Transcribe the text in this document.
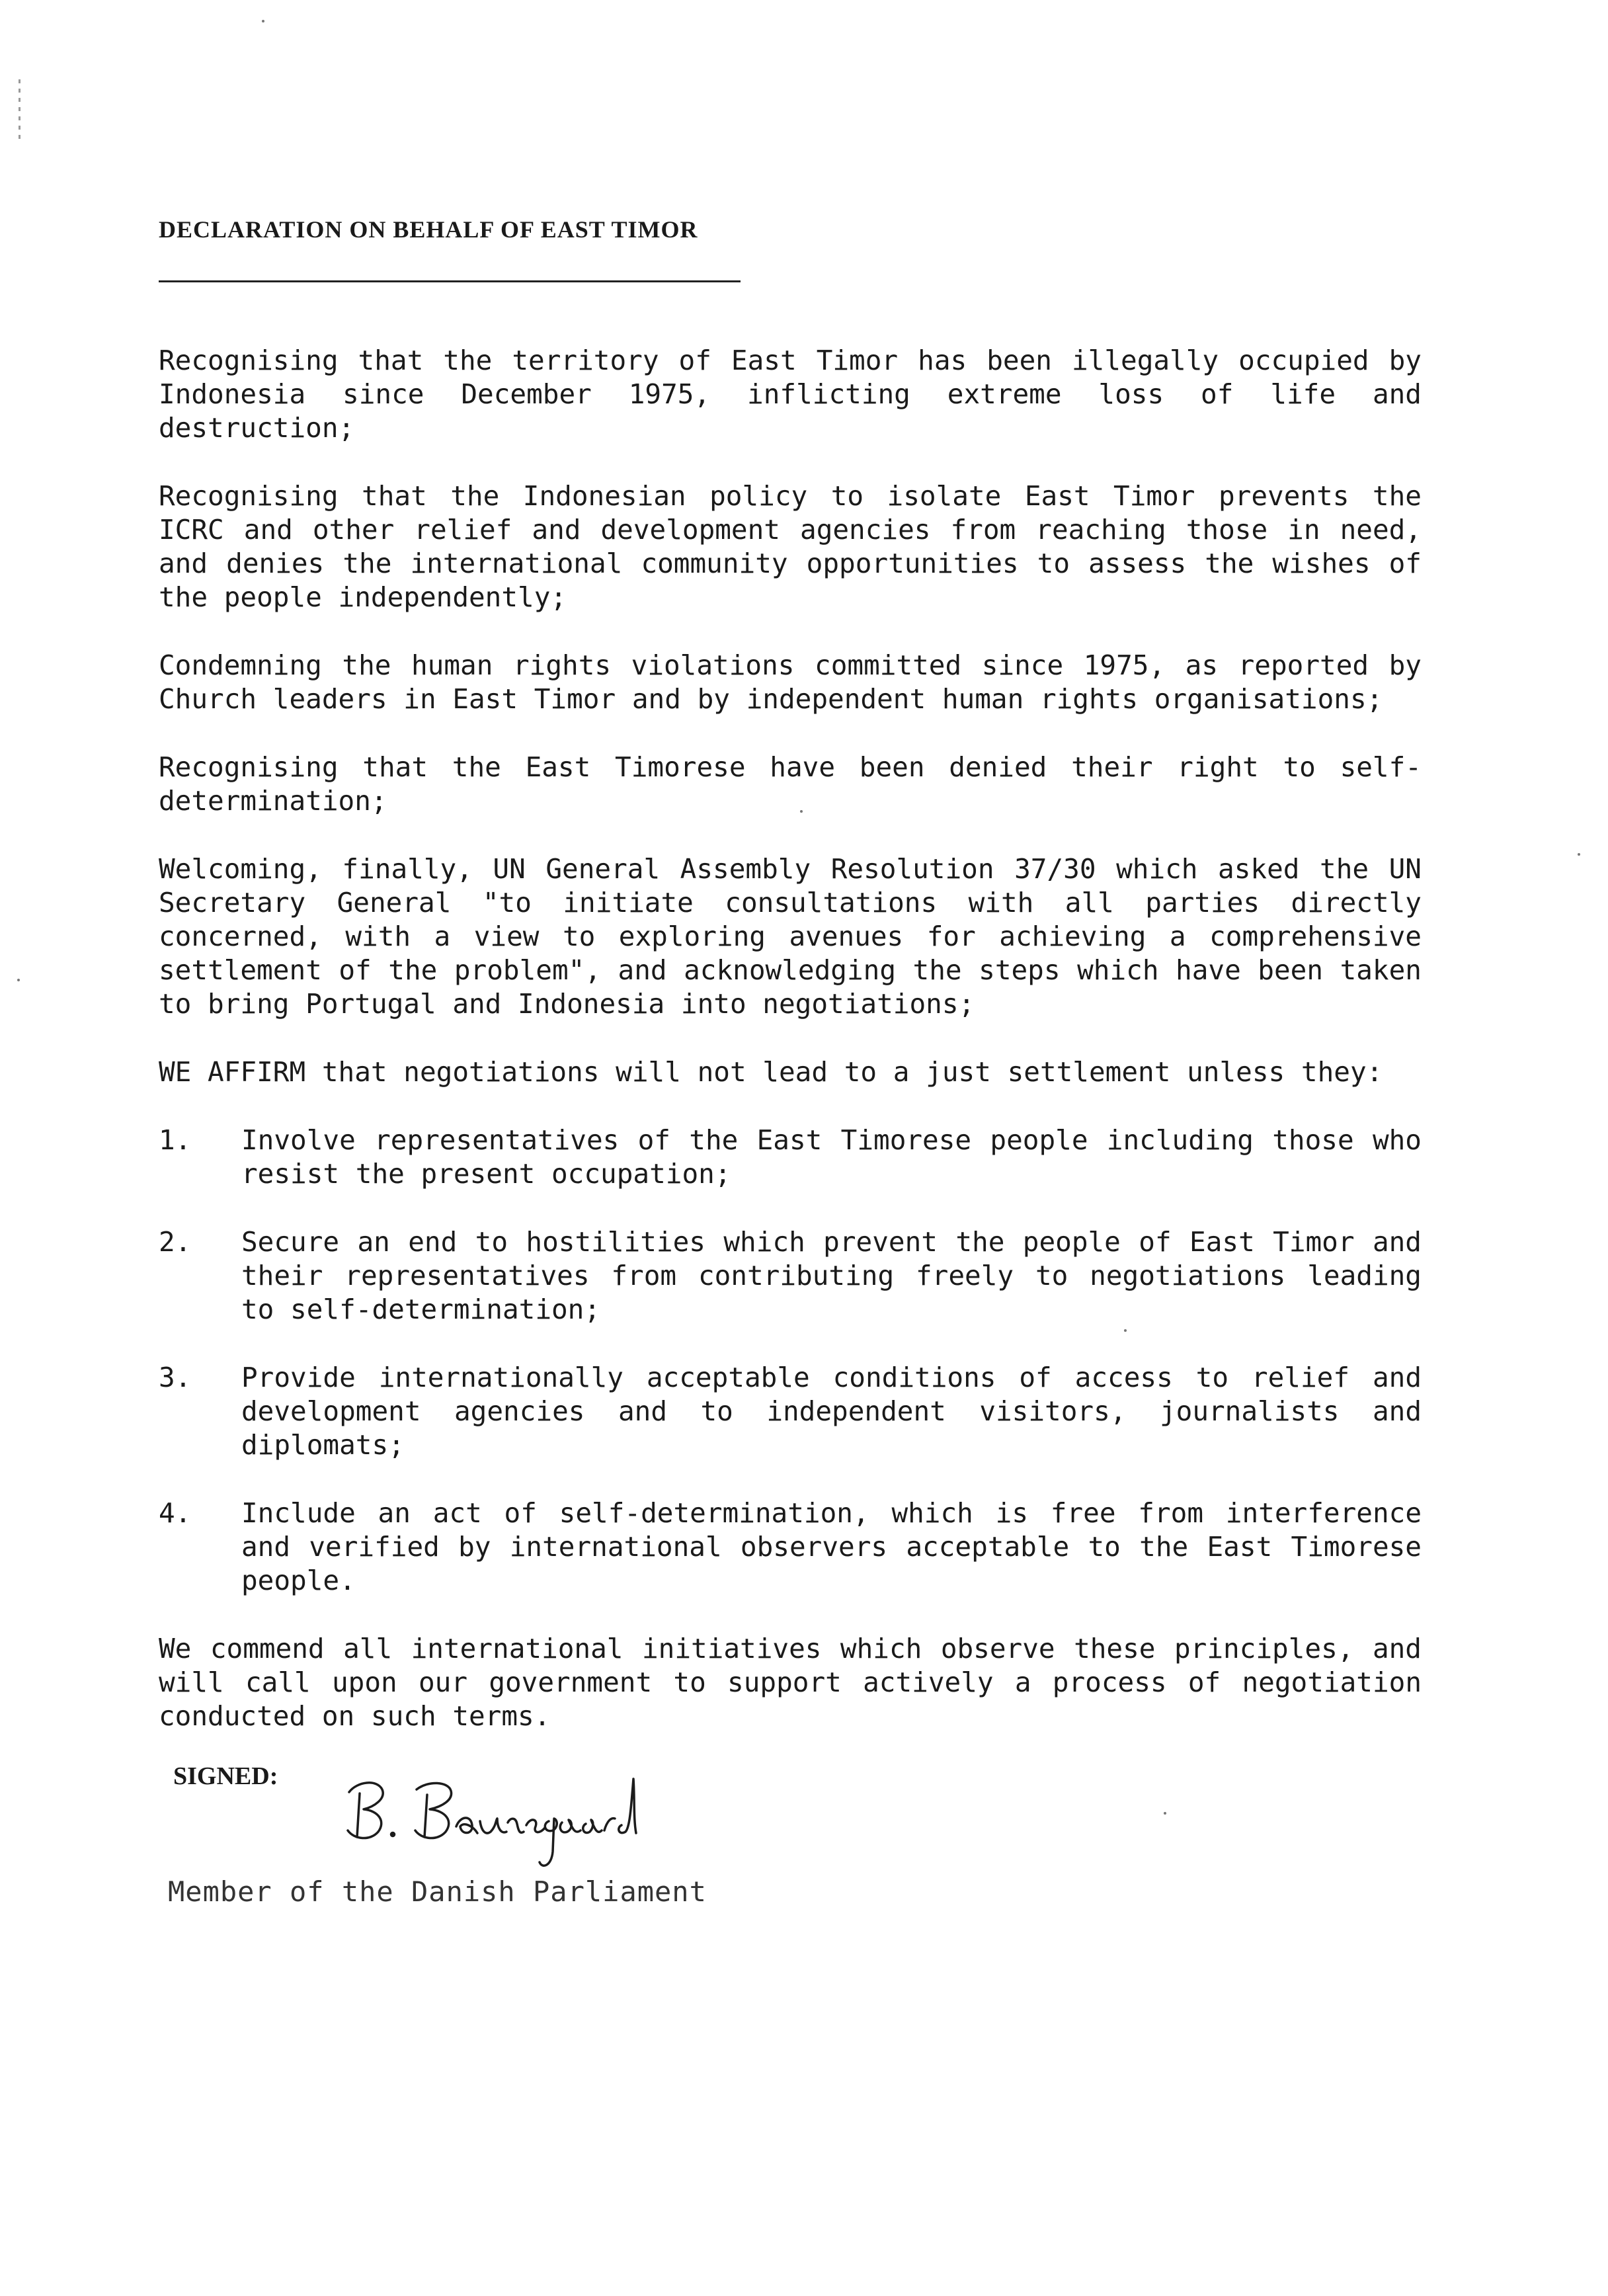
DECLARATION ON BEHALF OF EAST TIMOR

Recognising that the territory of East Timor has been illegally occupied by Indonesia since December 1975, inflicting extreme loss of life and destruction;

Recognising that the Indonesian policy to isolate East Timor prevents the ICRC and other relief and development agencies from reaching those in need, and denies the international community opportunities to assess the wishes of the people independently;

Condemning the human rights violations committed since 1975, as reported by Church leaders in East Timor and by independent human rights organisations;

Recognising that the East Timorese have been denied their right to self-determination;

Welcoming, finally, UN General Assembly Resolution 37/30 which asked the UN Secretary General "to initiate consultations with all parties directly concerned, with a view to exploring avenues for achieving a comprehensive settlement of the problem", and acknowledging the steps which have been taken to bring Portugal and Indonesia into negotiations;

WE AFFIRM that negotiations will not lead to a just settlement unless they:

1.	Involve representatives of the East Timorese people including those who resist the present occupation;
2.	Secure an end to hostilities which prevent the people of East Timor and their representatives from contributing freely to negotiations leading to self-determination;
3.	Provide internationally acceptable conditions of access to relief and development agencies and to independent visitors, journalists and diplomats;
4.	Include an act of self-determination, which is free from interference and verified by international observers acceptable to the East Timorese people.

We commend all international initiatives which observe these principles, and will call upon our government to support actively a process of negotiation conducted on such terms.

SIGNED:
Member of the Danish Parliament
